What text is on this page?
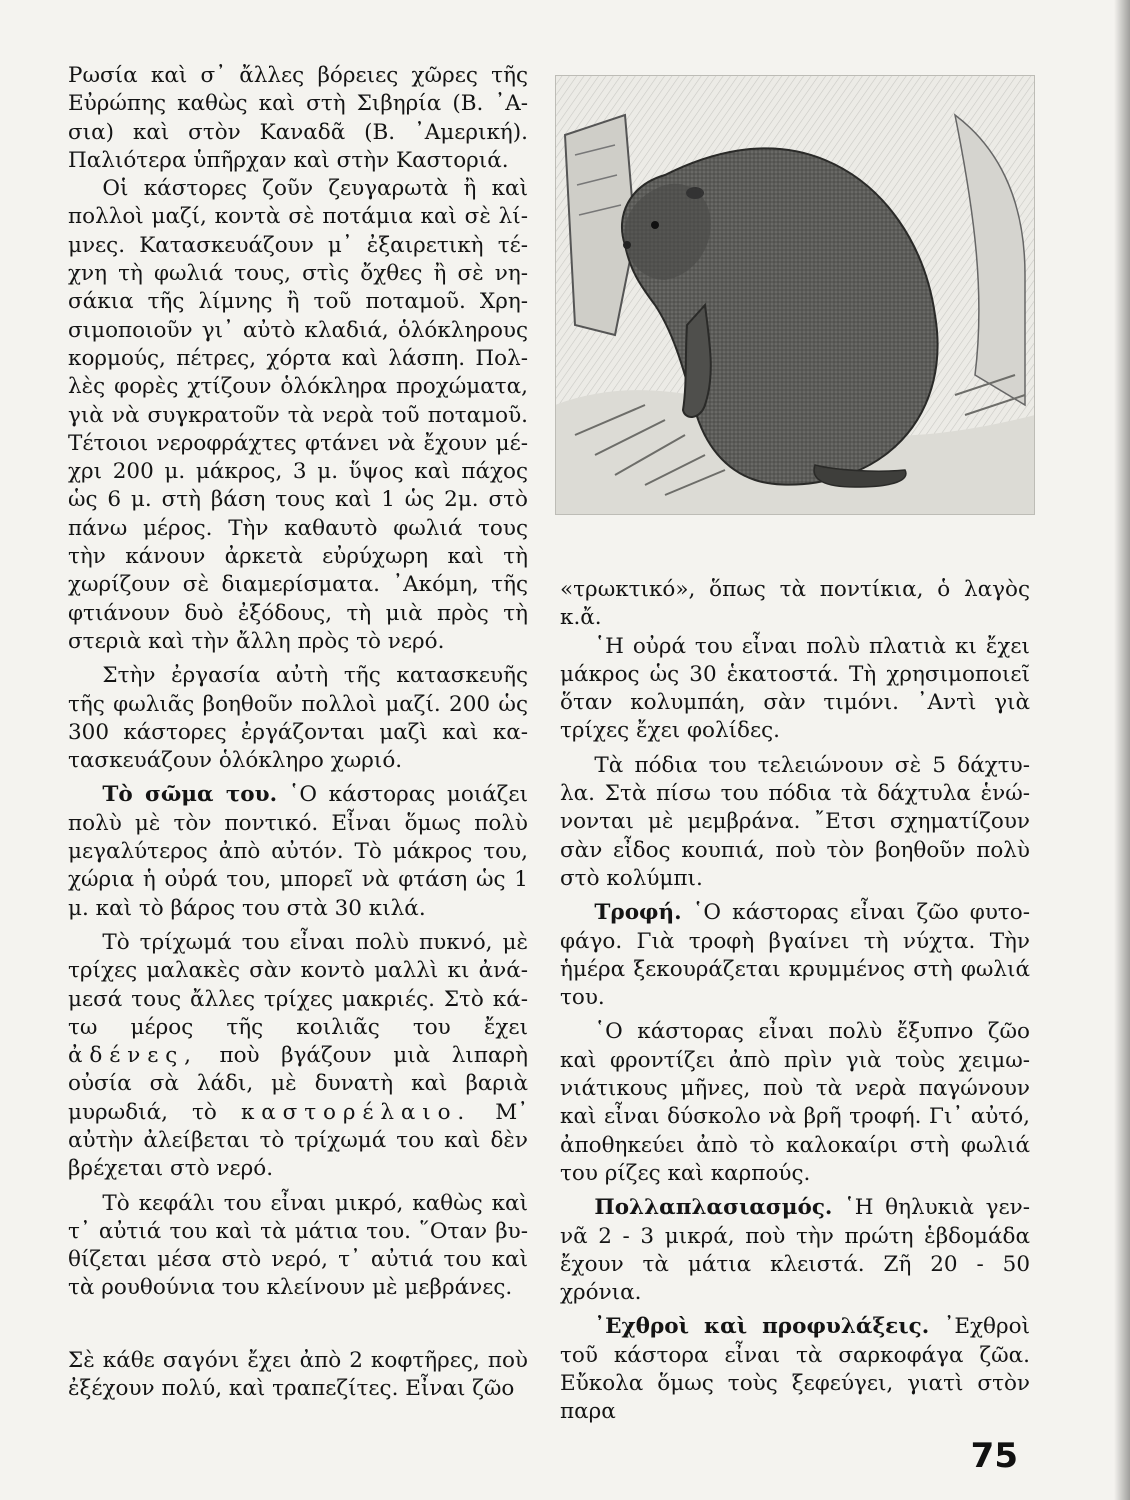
Ρωσία καὶ σ᾽ ἄλλες βόρειες χῶρες τῆς Εὐρώπης καθὼς καὶ στὴ Σιβηρία (Β. ᾽Ασια) καὶ στὸν Καναδᾶ (Β. ᾽Αμερική). Παλιότερα ὑπῆρχαν καὶ στὴν Καστοριά.

Οἱ κάστορες ζοῦν ζευγαρωτὰ ἢ καὶ πολλοὶ μαζί, κοντὰ σὲ ποτάμια καὶ σὲ λίμνες. Κατασκευάζουν μ᾽ ἐξαιρετικὴ τέχνη τὴ φωλιά τους, στὶς ὄχθες ἢ σὲ νησάκια τῆς λίμνης ἢ τοῦ ποταμοῦ. Χρησιμοποιοῦν γι᾽ αὐτὸ κλαδιά, ὁλόκληρους κορμούς, πέτρες, χόρτα καὶ λάσπη. Πολλὲς φορὲς χτίζουν ὁλόκληρα προχώματα, γιὰ νὰ συγκρατοῦν τὰ νερὰ τοῦ ποταμοῦ. Τέτοιοι νεροφράχτες φτάνει νὰ ἔχουν μέχρι 200 μ. μάκρος, 3 μ. ὕψος καὶ πάχος ὡς 6 μ. στὴ βάση τους καὶ 1 ὡς 2μ. στὸ πάνω μέρος. Τὴν καθαυτὸ φωλιά τους τὴν κάνουν ἀρκετὰ εὐρύχωρη καὶ τὴ χωρίζουν σὲ διαμερίσματα. ᾽Ακόμη, τῆς φτιάνουν δυὸ ἐξόδους, τὴ μιὰ πρὸς τὴ στεριὰ καὶ τὴν ἄλλη πρὸς τὸ νερό.

Στὴν ἐργασία αὐτὴ τῆς κατασκευῆς τῆς φωλιᾶς βοηθοῦν πολλοὶ μαζί. 200 ὡς 300 κάστορες ἐργάζονται μαζὶ καὶ κατασκευάζουν ὁλόκληρο χωριό.

Τὸ σῶμα του. ῾Ο κάστορας μοιάζει πολὺ μὲ τὸν ποντικό. Εἶναι ὅμως πολὺ μεγαλύτερος ἀπὸ αὐτόν. Τὸ μάκρος του, χώρια ἡ οὐρά του, μπορεῖ νὰ φτάση ὡς 1 μ. καὶ τὸ βάρος του στὰ 30 κιλά.

Τὸ τρίχωμά του εἶναι πολὺ πυκνό, μὲ τρίχες μαλακὲς σὰν κοντὸ μαλλὶ κι ἀνάμεσά τους ἄλλες τρίχες μακριές. Στὸ κάτω μέρος τῆς κοιλιᾶς του ἔχει ἀδένες, ποὺ βγάζουν μιὰ λιπαρὴ οὐσία σὰ λάδι, μὲ δυνατὴ καὶ βαριὰ μυρωδιά, τὸ καστορέλαιο. Μ᾽ αὐτὴν ἀλείβεται τὸ τρίχωμά του καὶ δὲν βρέχεται στὸ νερό.

Τὸ κεφάλι του εἶναι μικρό, καθὼς καὶ τ᾽ αὐτιά του καὶ τὰ μάτια του. ῞Οταν βυθίζεται μέσα στὸ νερό, τ᾽ αὐτιά του καὶ τὰ ρουθούνια του κλείνουν μὲ μεβράνες.

Σὲ κάθε σαγόνι ἔχει ἀπὸ 2 κοφτῆρες, ποὺ ἐξέχουν πολύ, καὶ τραπεζίτες. Εἶναι ζῶο

«τρωκτικό», ὅπως τὰ ποντίκια, ὁ λαγὸς κ.ἄ.

῾Η οὐρά του εἶναι πολὺ πλατιὰ κι ἔχει μάκρος ὡς 30 ἑκατοστά. Τὴ χρησιμοποιεῖ ὅταν κολυμπάη, σὰν τιμόνι. ᾽Αντὶ γιὰ τρίχες ἔχει φολίδες.

Τὰ πόδια του τελειώνουν σὲ 5 δάχτυλα. Στὰ πίσω του πόδια τὰ δάχτυλα ἑνώνονται μὲ μεμβράνα. ῎Ετσι σχηματίζουν σὰν εἶδος κουπιά, ποὺ τὸν βοηθοῦν πολὺ στὸ κολύμπι.

Τροφή. ῾Ο κάστορας εἶναι ζῶο φυτοφάγο. Γιὰ τροφὴ βγαίνει τὴ νύχτα. Τὴν ἡμέρα ξεκουράζεται κρυμμένος στὴ φωλιά του.

῾Ο κάστορας εἶναι πολὺ ἔξυπνο ζῶο καὶ φροντίζει ἀπὸ πρὶν γιὰ τοὺς χειμωνιάτικους μῆνες, ποὺ τὰ νερὰ παγώνουν καὶ εἶναι δύσκολο νὰ βρῆ τροφή. Γι᾽ αὐτό, ἀποθηκεύει ἀπὸ τὸ καλοκαίρι στὴ φωλιά του ρίζες καὶ καρπούς.

Πολλαπλασιασμός. ῾Η θηλυκιὰ γεννᾶ 2 - 3 μικρά, ποὺ τὴν πρώτη ἑβδομάδα ἔχουν τὰ μάτια κλειστά. Ζῆ 20 - 50 χρόνια.

᾽Εχθροὶ καὶ προφυλάξεις. ᾽Εχθροὶ τοῦ κάστορα εἶναι τὰ σαρκοφάγα ζῶα. Εὔκολα ὅμως τοὺς ξεφεύγει, γιατὶ στὸν παρα

75
